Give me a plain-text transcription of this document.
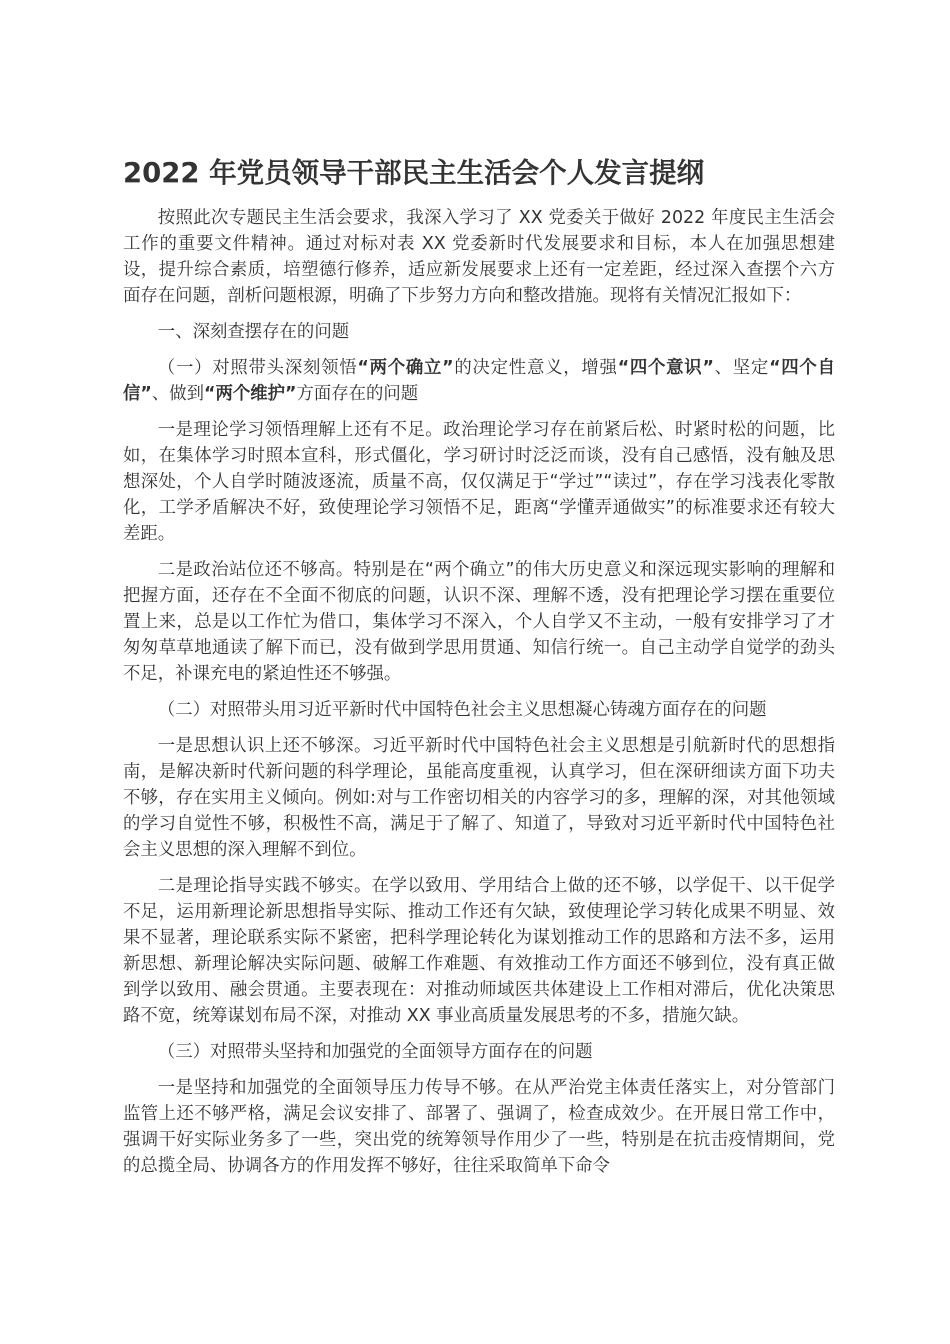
2022 年党员领导干部民主生活会个人发言提纲

按照此次专题民主生活会要求，我深入学习了 XX 党委关于做好 2022 年度民主生活会工作的重要文件精神。通过对标对表 XX 党委新时代发展要求和目标，本人在加强思想建设，提升综合素质，培塑德行修养，适应新发展要求上还有一定差距，经过深入查摆个六方面存在问题，剖析问题根源，明确了下步努力方向和整改措施。现将有关情况汇报如下：

一、深刻查摆存在的问题

（一）对照带头深刻领悟“两个确立”的决定性意义，增强“四个意识”、坚定“四个自信”、做到“两个维护”方面存在的问题

一是理论学习领悟理解上还有不足。政治理论学习存在前紧后松、时紧时松的问题，比如，在集体学习时照本宣科，形式僵化，学习研讨时泛泛而谈，没有自己感悟，没有触及思想深处，个人自学时随波逐流，质量不高，仅仅满足于“学过”“读过”，存在学习浅表化零散化，工学矛盾解决不好，致使理论学习领悟不足，距离“学懂弄通做实”的标准要求还有较大差距。

二是政治站位还不够高。特别是在“两个确立”的伟大历史意义和深远现实影响的理解和把握方面，还存在不全面不彻底的问题，认识不深、理解不透，没有把理论学习摆在重要位置上来，总是以工作忙为借口，集体学习不深入，个人自学又不主动，一般有安排学习了才匆匆草草地通读了解下而已，没有做到学思用贯通、知信行统一。自己主动学自觉学的劲头不足，补课充电的紧迫性还不够强。

（二）对照带头用习近平新时代中国特色社会主义思想凝心铸魂方面存在的问题

一是思想认识上还不够深。习近平新时代中国特色社会主义思想是引航新时代的思想指南，是解决新时代新问题的科学理论，虽能高度重视，认真学习，但在深研细读方面下功夫不够，存在实用主义倾向。例如:对与工作密切相关的内容学习的多，理解的深，对其他领域的学习自觉性不够，积极性不高，满足于了解了、知道了，导致对习近平新时代中国特色社会主义思想的深入理解不到位。

二是理论指导实践不够实。在学以致用、学用结合上做的还不够，以学促干、以干促学不足，运用新理论新思想指导实际、推动工作还有欠缺，致使理论学习转化成果不明显、效果不显著，理论联系实际不紧密，把科学理论转化为谋划推动工作的思路和方法不多，运用新思想、新理论解决实际问题、破解工作难题、有效推动工作方面还不够到位，没有真正做到学以致用、融会贯通。主要表现在：对推动师域医共体建设上工作相对滞后，优化决策思路不宽，统筹谋划布局不深，对推动 XX 事业高质量发展思考的不多，措施欠缺。

（三）对照带头坚持和加强党的全面领导方面存在的问题

一是坚持和加强党的全面领导压力传导不够。在从严治党主体责任落实上，对分管部门监管上还不够严格，满足会议安排了、部署了、强调了，检查成效少。在开展日常工作中，强调干好实际业务多了一些，突出党的统筹领导作用少了一些，特别是在抗击疫情期间，党的总揽全局、协调各方的作用发挥不够好，往往采取简单下命令
